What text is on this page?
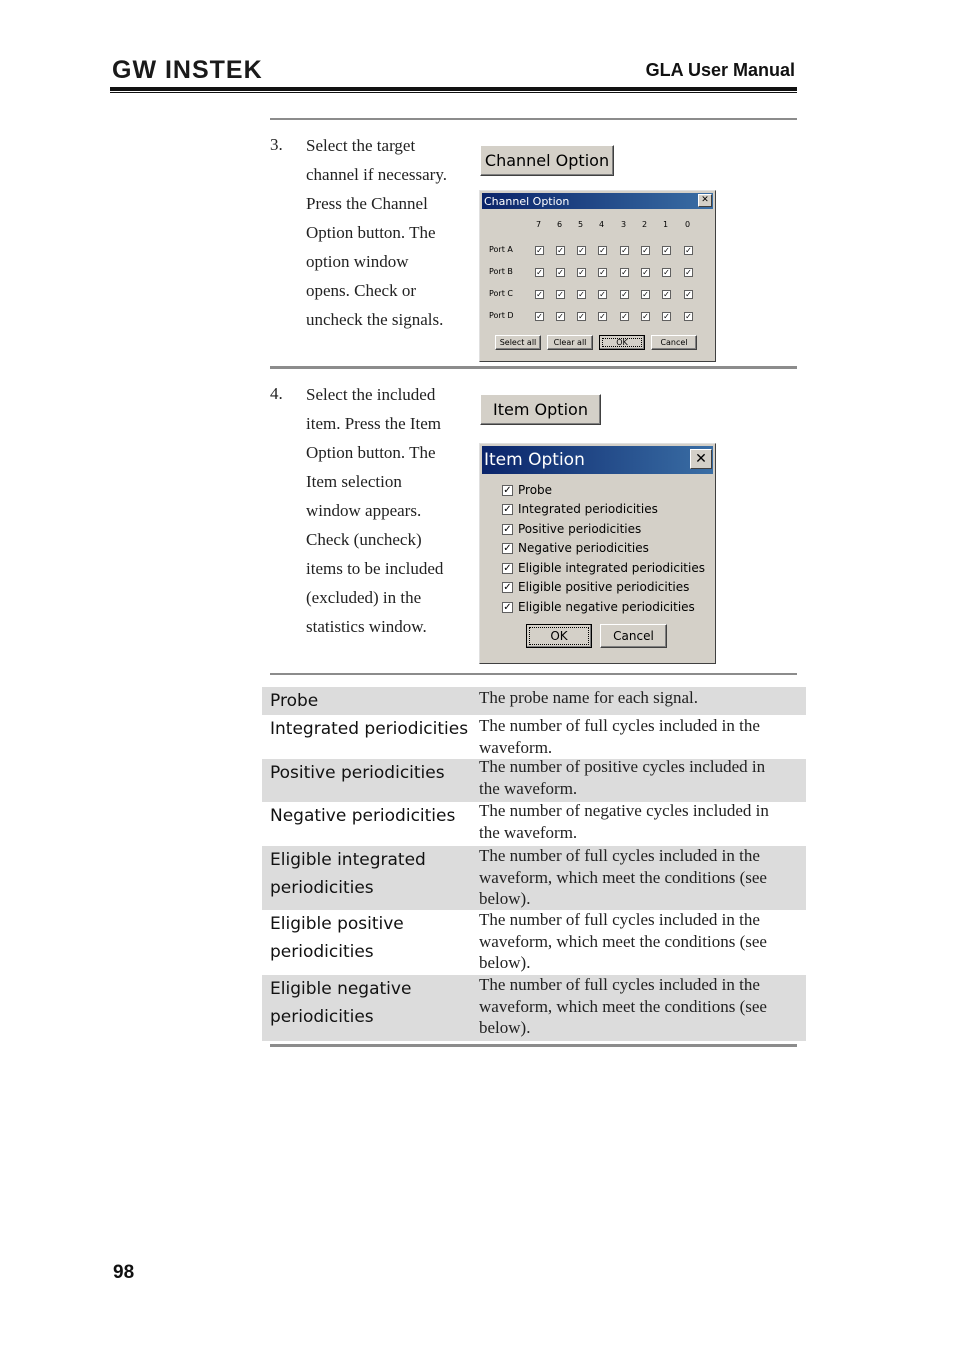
GW INSTEK	GLA User Manual
3. Select the target
channel if necessary.
Press the Channel
Option button. The
option window
opens. Check or
uncheck the signals.
Channel Option
Channel Option	✕
7 6 5 4 3 2 1 0
Port A	✓ ✓ ✓ ✓ ✓ ✓ ✓ ✓
Port B	✓ ✓ ✓ ✓ ✓ ✓ ✓ ✓
Port C	✓ ✓ ✓ ✓ ✓ ✓ ✓ ✓
Port D	✓ ✓ ✓ ✓ ✓ ✓ ✓ ✓
Select all	Clear all	OK	Cancel
4. Select the included
item. Press the Item
Option button. The
Item selection
window appears.
Check (uncheck)
items to be included
(excluded) in the
statistics window.
Item Option
Item Option	✕
OK	Cancel
✓ Probe
✓ Integrated periodicities
✓ Positive periodicities
✓ Negative periodicities
✓ Eligible integrated periodicities
✓ Eligible positive periodicities
✓ Eligible negative periodicities
Probe	The probe name for each signal.
Integrated periodicities The number of full cycles included in the
waveform.
Positive periodicities The number of positive cycles included in
the waveform.
Negative periodicities The number of negative cycles included in
the waveform.
Eligible integrated
periodicities
The number of full cycles included in the
waveform, which meet the conditions (see
below).
Eligible positive
periodicities
The number of full cycles included in the
waveform, which meet the conditions (see
below).
Eligible negative
periodicities
The number of full cycles included in the
waveform, which meet the conditions (see
below).
98
